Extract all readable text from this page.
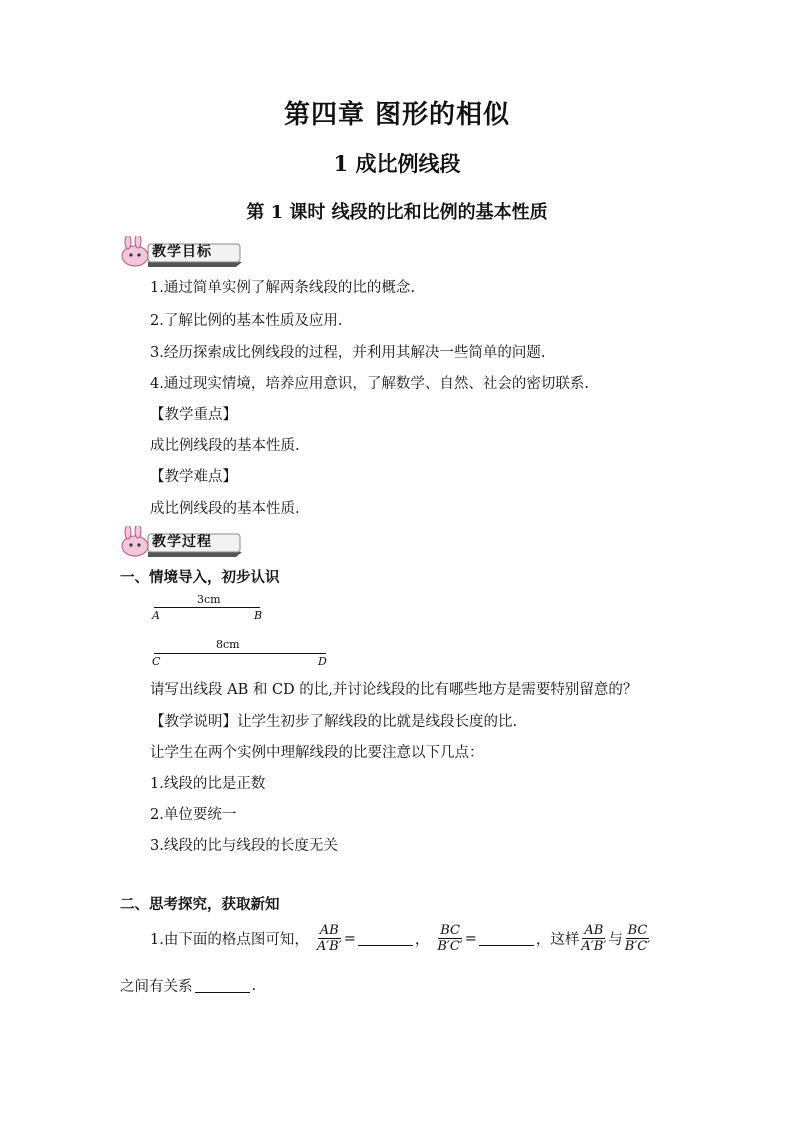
第四章 图形的相似
1 成比例线段
第 1 课时 线段的比和比例的基本性质
教学目标
1.通过简单实例了解两条线段的比的概念.
2.了解比例的基本性质及应用.
3.经历探索成比例线段的过程，并利用其解决一些简单的问题.
4.通过现实情境，培养应用意识，了解数学、自然、社会的密切联系.
【教学重点】
成比例线段的基本性质.
【教学难点】
成比例线段的基本性质.
教学过程
一、情境导入，初步认识
3cm
A	B
8cm
C	D
请写出线段 AB 和 CD 的比,并讨论线段的比有哪些地方是需要特别留意的？
【教学说明】让学生初步了解线段的比就是线段长度的比.
让学生在两个实例中理解线段的比要注意以下几点：
1.线段的比是正数
2.单位要统一
3.线段的比与线段的长度无关
二、思考探究，获取新知
1.由下面的格点图可知， $\frac{AB}{A'B'}$ =	， $\frac{BC}{B'C'}$ =	，这样 $\frac{AB}{A'B'}$ 与 $\frac{BC}{B'C'}$
之间有关系	.
